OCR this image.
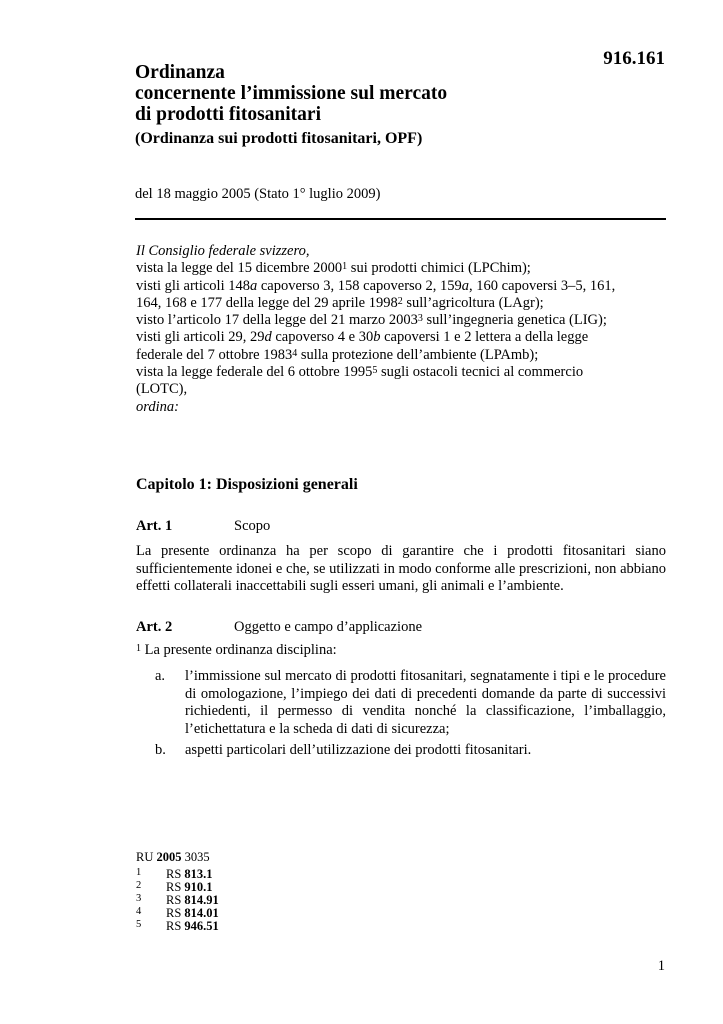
916.161
Ordinanza
concernente l’immissione sul mercato
di prodotti fitosanitari
(Ordinanza sui prodotti fitosanitari, OPF)
del 18 maggio 2005 (Stato 1° luglio 2009)
Il Consiglio federale svizzero,
vista la legge del 15 dicembre 2000$^1$ sui prodotti chimici (LPChim);
visti gli articoli 148a capoverso 3, 158 capoverso 2, 159a, 160 capoversi 3–5, 161,
164, 168 e 177 della legge del 29 aprile 1998$^2$ sull’agricoltura (LAgr);
visto l’articolo 17 della legge del 21 marzo 2003$^3$ sull’ingegneria genetica (LIG);
visti gli articoli 29, 29d capoverso 4 e 30b capoversi 1 e 2 lettera a della legge
federale del 7 ottobre 1983$^4$ sulla protezione dell’ambiente (LPAmb);
vista la legge federale del 6 ottobre 1995$^5$ sugli ostacoli tecnici al commercio
(LOTC),
ordina:
Capitolo 1: Disposizioni generali
Art. 1	Scopo
La presente ordinanza ha per scopo di garantire che i prodotti fitosanitari siano sufficientemente idonei e che, se utilizzati in modo conforme alle prescrizioni, non abbiano effetti collaterali inaccettabili sugli esseri umani, gli animali e l’ambiente.
Art. 2	Oggetto e campo d’applicazione
$^1$ La presente ordinanza disciplina:
a. l’immissione sul mercato di prodotti fitosanitari, segnatamente i tipi e le procedure di omologazione, l’impiego dei dati di precedenti domande da parte di successivi richiedenti, il permesso di vendita nonché la classificazione, l’imballaggio, l’etichettatura e la scheda di dati di sicurezza;
b. aspetti particolari dell’utilizzazione dei prodotti fitosanitari.
RU 2005 3035
1 RS 813.1
2 RS 910.1
3 RS 814.91
4 RS 814.01
5 RS 946.51
1
